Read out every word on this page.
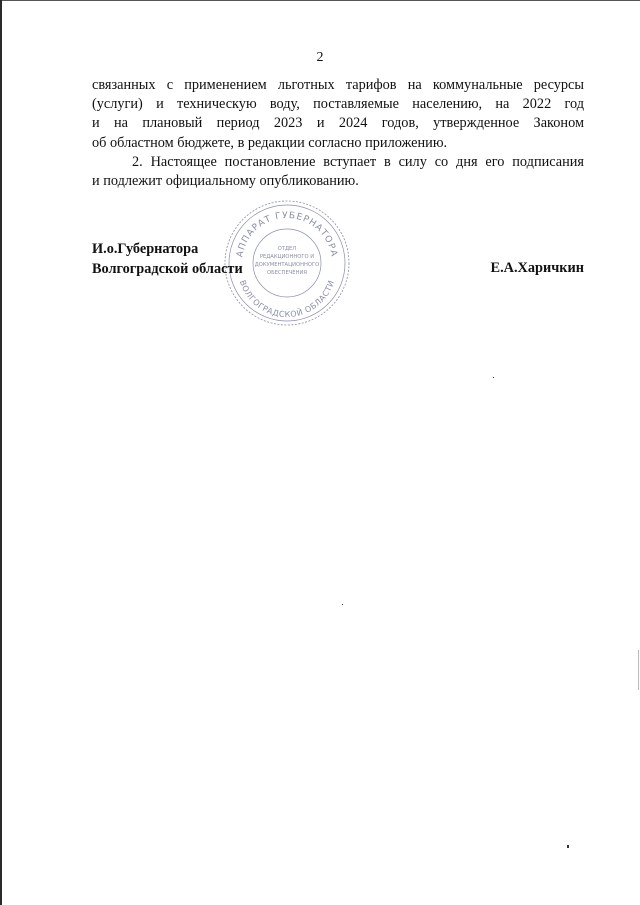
2

связанных с применением льготных тарифов на коммунальные ресурсы
(услуги) и техническую воду, поставляемые населению, на 2022 год
и на плановый период 2023 и 2024 годов, утвержденное Законом
об областном бюджете, в редакции согласно приложению.

2. Настоящее постановление вступает в силу со дня его подписания
и подлежит официальному опубликованию.

АППАРАТ ГУБЕРНАТОРА
ВОЛГОГРАДСКОЙ ОБЛАСТИ
ОТДЕЛ
РЕДАКЦИОННОГО И
ДОКУМЕНТАЦИОННОГО
ОБЕСПЕЧЕНИЯ
И.о.Губернатора
Волгоградской области	Е.А.Харичкин
